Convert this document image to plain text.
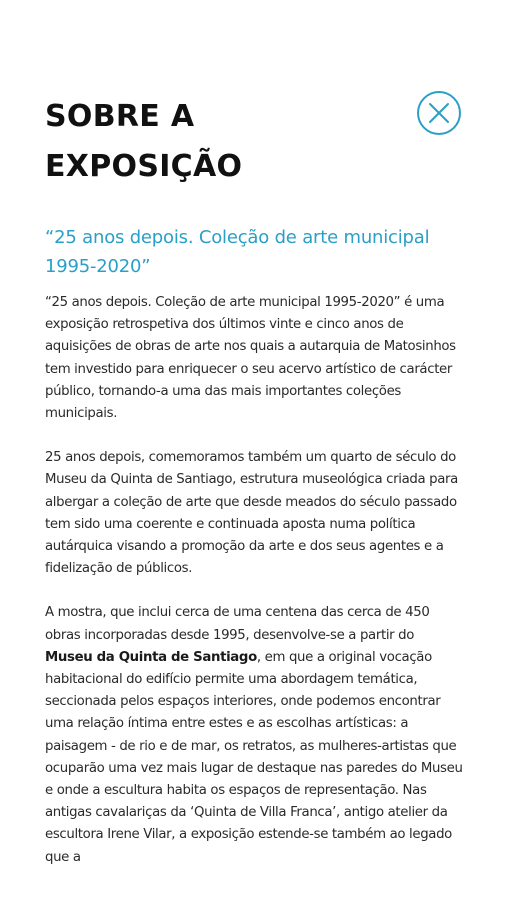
SOBRE A EXPOSIÇÃO
“25 anos depois. Coleção de arte municipal 1995-2020”

“25 anos depois. Coleção de arte municipal 1995-2020” é uma exposição retrospetiva dos últimos vinte e cinco anos de aquisições de obras de arte nos quais a autarquia de Matosinhos tem investido para enriquecer o seu acervo artístico de carácter público, tornando-a uma das mais importantes coleções municipais.

25 anos depois, comemoramos também um quarto de século do Museu da Quinta de Santiago, estrutura museológica criada para albergar a coleção de arte que desde meados do século passado tem sido uma coerente e continuada aposta numa política autárquica visando a promoção da arte e dos seus agentes e a fidelização de públicos.

A mostra, que inclui cerca de uma centena das cerca de 450 obras incorporadas desde 1995, desenvolve-se a partir do Museu da Quinta de Santiago, em que a original vocação habitacional do edifício permite uma abordagem temática, seccionada pelos espaços interiores, onde podemos encontrar uma relação íntima entre estes e as escolhas artísticas: a paisagem - de rio e de mar, os retratos, as mulheres-artistas que ocuparão uma vez mais lugar de destaque nas paredes do Museu e onde a escultura habita os espaços de representação. Nas antigas cavalariças da ‘Quinta de Villa Franca’, antigo atelier da escultora Irene Vilar, a exposição estende-se também ao legado que a
